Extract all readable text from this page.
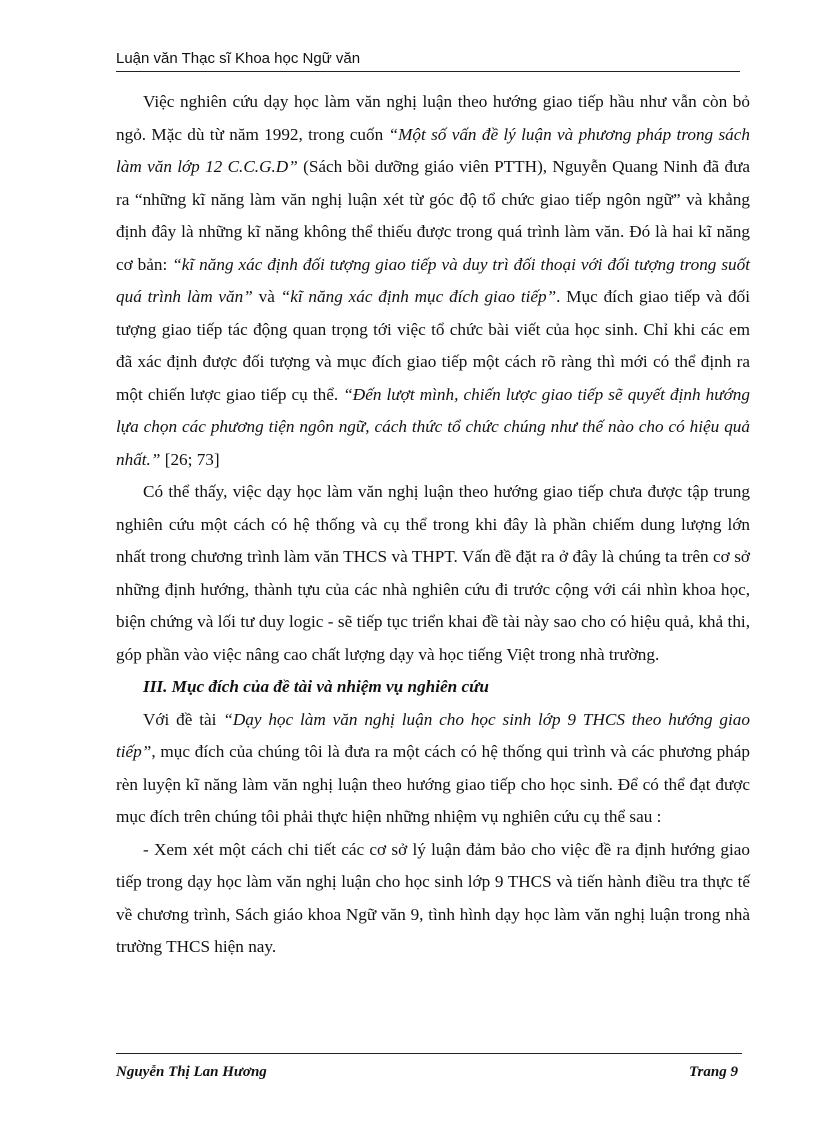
Luận văn Thạc sĩ Khoa học Ngữ văn

Việc nghiên cứu dạy học làm văn nghị luận theo hướng giao tiếp hầu như vẫn còn bỏ ngỏ. Mặc dù từ năm 1992, trong cuốn “Một số vấn đề lý luận và phương pháp trong sách làm văn lớp 12 C.C.G.D” (Sách bồi dưỡng giáo viên PTTH), Nguyễn Quang Ninh đã đưa ra “những kĩ năng làm văn nghị luận xét từ góc độ tổ chức giao tiếp ngôn ngữ” và khẳng định đây là những kĩ năng không thể thiếu được trong quá trình làm văn. Đó là hai kĩ năng cơ bản: “kĩ năng xác định đối tượng giao tiếp và duy trì đối thoại với đối tượng trong suốt quá trình làm văn” và “kĩ năng xác định mục đích giao tiếp”. Mục đích giao tiếp và đối tượng giao tiếp tác động quan trọng tới việc tổ chức bài viết của học sinh. Chỉ khi các em đã xác định được đối tượng và mục đích giao tiếp một cách rõ ràng thì mới có thể định ra một chiến lược giao tiếp cụ thể. “Đến lượt mình, chiến lược giao tiếp sẽ quyết định hướng lựa chọn các phương tiện ngôn ngữ, cách thức tổ chức chúng như thế nào cho có hiệu quả nhất.” [26; 73]

Có thể thấy, việc dạy học làm văn nghị luận theo hướng giao tiếp chưa được tập trung nghiên cứu một cách có hệ thống và cụ thể trong khi đây là phần chiếm dung lượng lớn nhất trong chương trình làm văn THCS và THPT. Vấn đề đặt ra ở đây là chúng ta trên cơ sở những định hướng, thành tựu của các nhà nghiên cứu đi trước cộng với cái nhìn khoa học, biện chứng và lối tư duy logic - sẽ tiếp tục triển khai đề tài này sao cho có hiệu quả, khả thi, góp phần vào việc nâng cao chất lượng dạy và học tiếng Việt trong nhà trường.

III. Mục đích của đề tài và nhiệm vụ nghiên cứu

Với đề tài “Dạy học làm văn nghị luận cho học sinh lớp 9 THCS theo hướng giao tiếp”, mục đích của chúng tôi là đưa ra một cách có hệ thống qui trình và các phương pháp rèn luyện kĩ năng làm văn nghị luận theo hướng giao tiếp cho học sinh. Để có thể đạt được mục đích trên chúng tôi phải thực hiện những nhiệm vụ nghiên cứu cụ thể sau :

- Xem xét một cách chi tiết các cơ sở lý luận đảm bảo cho việc đề ra định hướng giao tiếp trong dạy học làm văn nghị luận cho học sinh lớp 9 THCS và tiến hành điều tra thực tế về chương trình, Sách giáo khoa Ngữ văn 9, tình hình dạy học làm văn nghị luận trong nhà trường THCS hiện nay.

Nguyễn Thị Lan Hương	Trang 9
